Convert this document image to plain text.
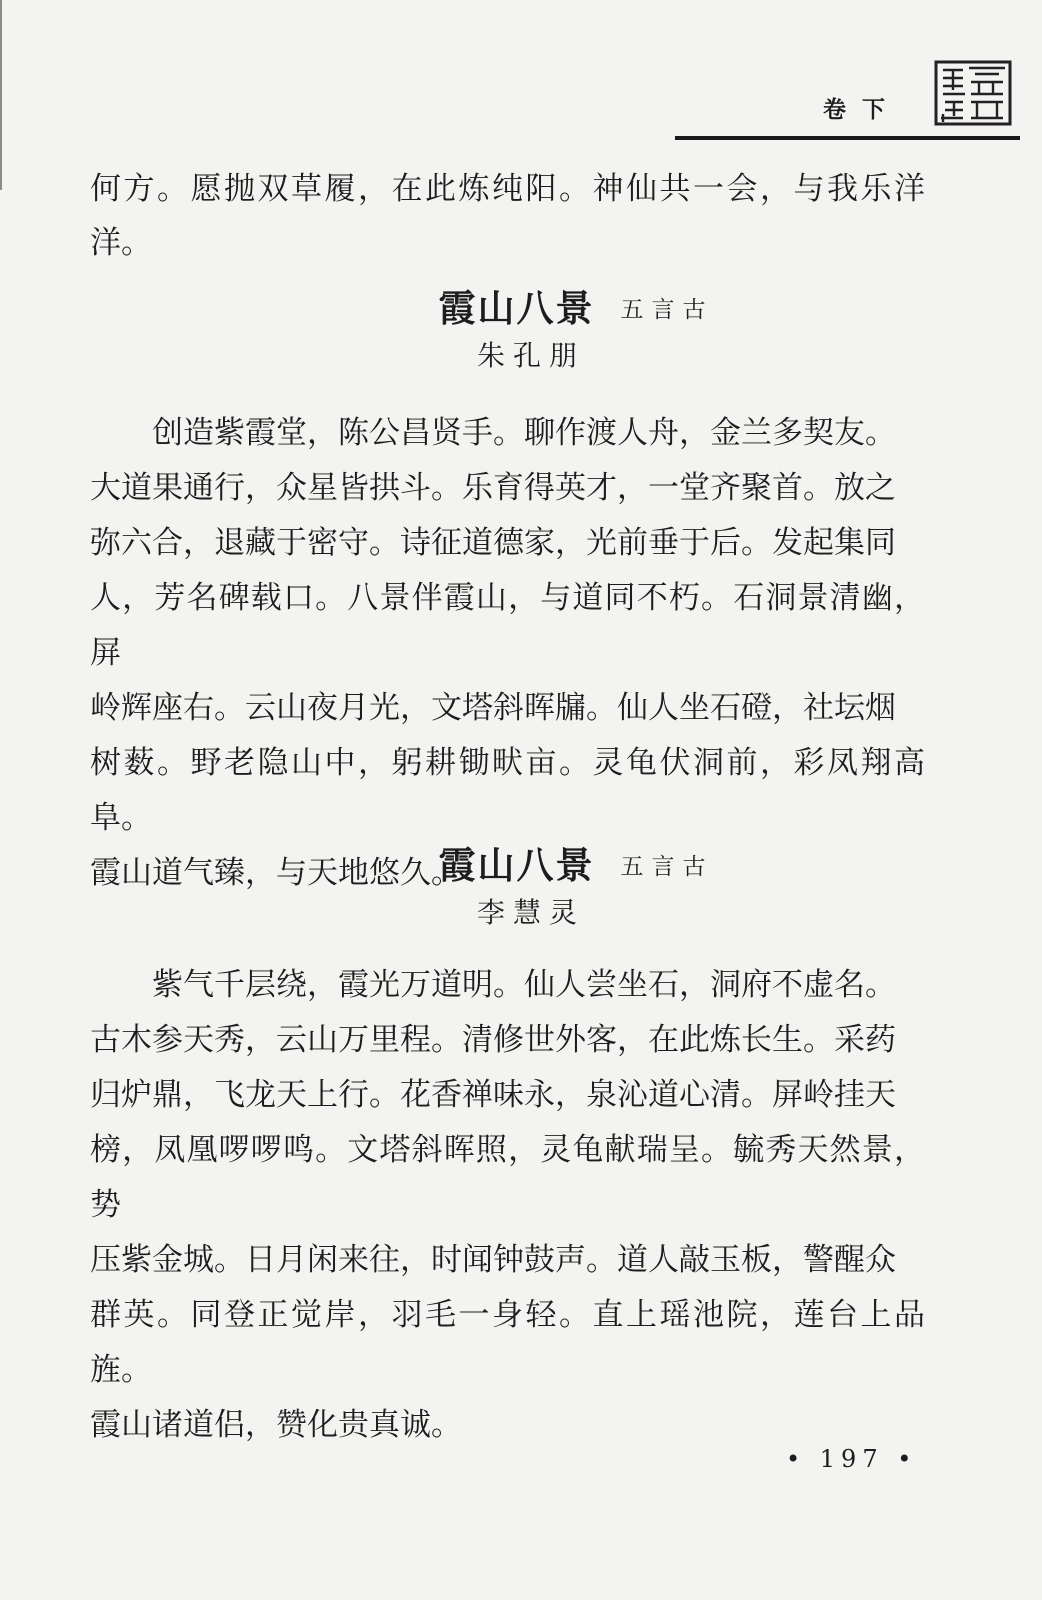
卷下

何方。愿抛双草履，在此炼纯阳。神仙共一会，与我乐洋洋。

霞山八景 五言古

朱孔朋

　　创造紫霞堂，陈公昌贤手。聊作渡人舟，金兰多契友。
大道果通行，众星皆拱斗。乐育得英才，一堂齐聚首。放之
弥六合，退藏于密守。诗征道德家，光前垂于后。发起集同
人，芳名碑载口。八景伴霞山，与道同不朽。石洞景清幽，屏
岭辉座右。云山夜月光，文塔斜晖牖。仙人坐石磴，社坛烟
树薮。野老隐山中，躬耕锄畎亩。灵龟伏洞前，彩凤翔高阜。
霞山道气臻，与天地悠久。

霞山八景 五言古

李慧灵

　　紫气千层绕，霞光万道明。仙人尝坐石，洞府不虚名。
古木参天秀，云山万里程。清修世外客，在此炼长生。采药
归炉鼎，飞龙天上行。花香禅味永，泉沁道心清。屏岭挂天
榜，凤凰啰啰鸣。文塔斜晖照，灵龟献瑞呈。毓秀天然景，势
压紫金城。日月闲来往，时闻钟鼓声。道人敲玉板，警醒众
群英。同登正觉岸，羽毛一身轻。直上瑶池院，莲台上品旌。
霞山诸道侣，赞化贵真诚。

• 197 •
